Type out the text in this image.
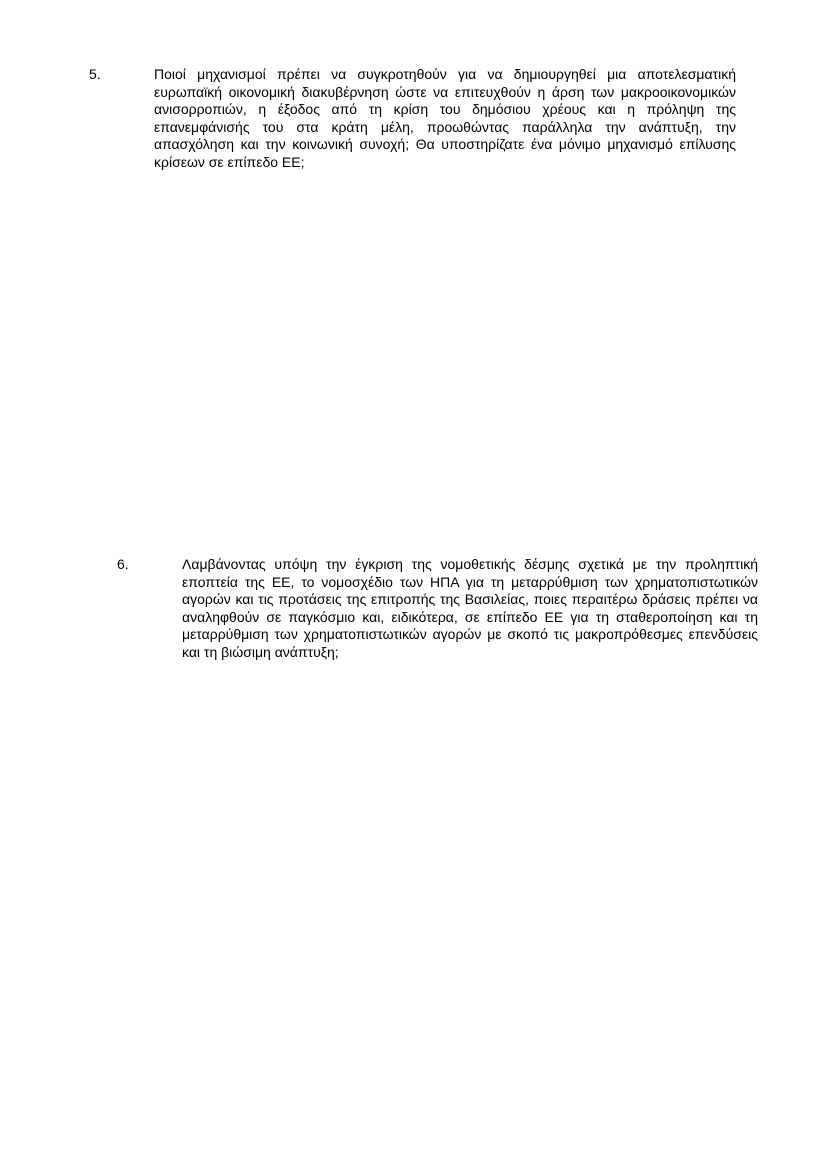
5.	Ποιοί μηχανισμοί πρέπει να συγκροτηθούν για να δημιουργηθεί μια αποτελεσματική ευρωπαϊκή οικονομική διακυβέρνηση ώστε να επιτευχθούν η άρση των μακροοικονομικών ανισορροπιών, η έξοδος από τη κρίση του δημόσιου χρέους και η πρόληψη της επανεμφάνισής του στα κράτη μέλη, προωθώντας παράλληλα την ανάπτυξη, την απασχόληση και την κοινωνική συνοχή; Θα υποστηρίζατε ένα μόνιμο μηχανισμό επίλυσης κρίσεων σε επίπεδο ΕΕ;

6.	Λαμβάνοντας υπόψη την έγκριση της νομοθετικής δέσμης σχετικά με την προληπτική εποπτεία της ΕΕ, το νομοσχέδιο των ΗΠΑ για τη μεταρρύθμιση των χρηματοπιστωτικών αγορών και τις προτάσεις της επιτροπής της Βασιλείας, ποιες περαιτέρω δράσεις πρέπει να αναληφθούν σε παγκόσμιο και, ειδικότερα, σε επίπεδο ΕΕ για τη σταθεροποίηση και τη μεταρρύθμιση των χρηματοπιστωτικών αγορών με σκοπό τις μακροπρόθεσμες επενδύσεις και τη βιώσιμη ανάπτυξη;
